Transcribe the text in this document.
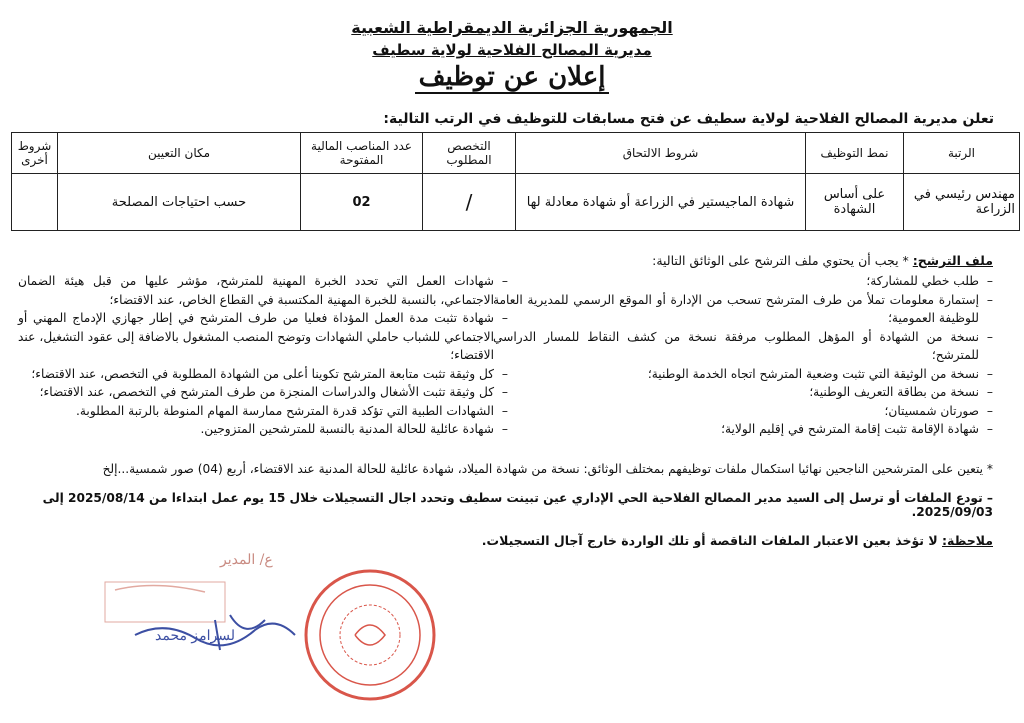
الجمهورية الجزائرية الديمقراطية الشعبية
مديرية المصالح الفلاحية لولاية سطيف
إعلان عن توظيف
تعلن مديرية المصالح الفلاحية لولاية سطيف عن فتح مسابقات للتوظيف في الرتب التالية:
الرتبة	نمط التوظيف	شروط الالتحاق	التخصص المطلوب	عدد المناصب المالية المفتوحة	مكان التعيين	شروط أخرى
مهندس رئيسي في الزراعة	على أساس الشهادة	شهادة الماجيستير في الزراعة أو شهادة معادلة لها	/	02	حسب احتياجات المصلحة	
ملف الترشح: * يجب أن يحتوي ملف الترشح على الوثائق التالية:
–
طلب خطي للمشاركة؛
–
إستمارة معلومات تملأ من طرف المترشح تسحب من الإدارة أو الموقع الرسمي للمديرية العامة للوظيفة العمومية؛
–
نسخة من الشهادة أو المؤهل المطلوب مرفقة نسخة من كشف النقاط للمسار الدراسي للمترشح؛
–
نسخة من الوثيقة التي تثبت وضعية المترشح اتجاه الخدمة الوطنية؛
–
نسخة من بطاقة التعريف الوطنية؛
–
صورتان شمسيتان؛
–
شهادة الإقامة تثبت إقامة المترشح في إقليم الولاية؛
–
شهادات العمل التي تحدد الخبرة المهنية للمترشح، مؤشر عليها من قبل هيئة الضمان الاجتماعي، بالنسبة للخبرة المهنية المكتسبة في القطاع الخاص، عند الاقتضاء؛
–
شهادة تثبت مدة العمل المؤداة فعليا من طرف المترشح في إطار جهازي الإدماج المهني أو الاجتماعي للشباب حاملي الشهادات وتوضح المنصب المشغول بالاضافة إلى عقود التشغيل، عند الاقتضاء؛
–
كل وثيقة تثبت متابعة المترشح تكوينا أعلى من الشهادة المطلوبة في التخصص، عند الاقتضاء؛
–
كل وثيقة تثبت الأشغال والدراسات المنجزة من طرف المترشح في التخصص، عند الاقتضاء؛
–
الشهادات الطبية التي تؤكد قدرة المترشح ممارسة المهام المنوطة بالرتبة المطلوبة.
–
شهادة عائلية للحالة المدنية بالنسبة للمترشحين المتزوجين.
* يتعين على المترشحين الناجحين نهائيا استكمال ملفات توظيفهم بمختلف الوثائق: نسخة من شهادة الميلاد، شهادة عائلية للحالة المدنية عند الاقتضاء، أربع (04) صور شمسية...إلخ
– تودع الملفات أو ترسل إلى السيد مدير المصالح الفلاحية الحي الإداري عين تبينت سطيف وتحدد اجال التسجيلات خلال 15 يوم عمل ابتداءا من 2025/08/14 إلى 2025/09/03.
ملاحظة: لا تؤخذ بعين الاعتبار الملفات الناقصة أو تلك الواردة خارج آجال التسجيلات.
ع/ المدير
لسرامز محمد
